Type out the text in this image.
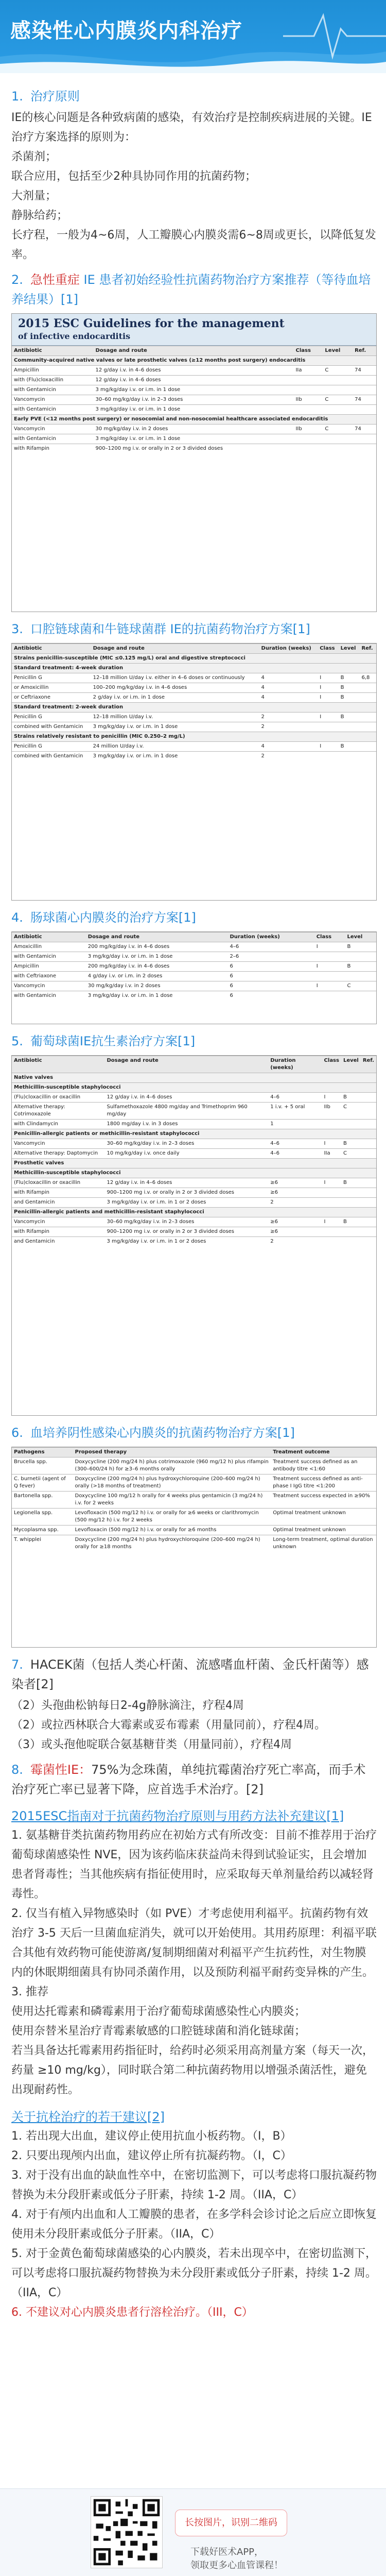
感染性心内膜炎内科治疗
1. 治疗原则

IE的核心问题是各种致病菌的感染，有效治疗是控制疾病进展的关键。IE治疗方案选择的原则为：

杀菌剂；

联合应用，包括至少2种具协同作用的抗菌药物；

大剂量；

静脉给药；

长疗程，一般为4~6周，人工瓣膜心内膜炎需6~8周或更长，以降低复发率。

2. 急性重症 IE 患者初始经验性抗菌药物治疗方案推荐（等待血培养结果）[1]
2015 ESC Guidelines for the management
of infective endocarditis
Antibiotic	Dosage and route	Class	Level	Ref.
Community-acquired native valves or late prosthetic valves (≥12 months post surgery) endocarditis				
Ampicillin	12 g/day i.v. in 4–6 doses	IIa	C	74
with (Flu)cloxacillin	12 g/day i.v. in 4–6 doses			
with Gentamicin	3 mg/kg/day i.v. or i.m. in 1 dose			
Vancomycin	30–60 mg/kg/day i.v. in 2–3 doses	IIb	C	74
with Gentamicin	3 mg/kg/day i.v. or i.m. in 1 dose			
Early PVE (<12 months post surgery) or nosocomial and non-nosocomial healthcare associated endocarditis				
Vancomycin	30 mg/kg/day i.v. in 2 doses	IIb	C	74
with Gentamicin	3 mg/kg/day i.v. or i.m. in 1 dose			
with Rifampin	900–1200 mg i.v. or orally in 2 or 3 divided doses			
3. 口腔链球菌和牛链球菌群 IE的抗菌药物治疗方案[1]
Antibiotic	Dosage and route	Duration (weeks)	Class	Level	Ref.
Strains penicillin-susceptible (MIC ≤0.125 mg/L) oral and digestive streptococci					
Standard treatment: 4-week duration					
Penicillin G	12–18 million U/day i.v. either in 4–6 doses or continuously	4	I	B	6,8
or Amoxicillin	100–200 mg/kg/day i.v. in 4–6 doses	4	I	B	
or Ceftriaxone	2 g/day i.v. or i.m. in 1 dose	4	I	B	
Standard treatment: 2-week duration					
Penicillin G	12–18 million U/day i.v.	2	I	B	
combined with Gentamicin	3 mg/kg/day i.v. or i.m. in 1 dose	2			
Strains relatively resistant to penicillin (MIC 0.250–2 mg/L)					
Penicillin G	24 million U/day i.v.	4	I	B	
combined with Gentamicin	3 mg/kg/day i.v. or i.m. in 1 dose	2			
4. 肠球菌心内膜炎的治疗方案[1]
Antibiotic	Dosage and route	Duration (weeks)	Class	Level
Amoxicillin	200 mg/kg/day i.v. in 4–6 doses	4–6	I	B
with Gentamicin	3 mg/kg/day i.v. or i.m. in 1 dose	2–6		
Ampicillin	200 mg/kg/day i.v. in 4–6 doses	6	I	B
with Ceftriaxone	4 g/day i.v. or i.m. in 2 doses	6		
Vancomycin	30 mg/kg/day i.v. in 2 doses	6	I	C
with Gentamicin	3 mg/kg/day i.v. or i.m. in 1 dose	6		
5. 葡萄球菌IE抗生素治疗方案[1]
Antibiotic	Dosage and route	Duration (weeks)	Class	Level	Ref.
Native valves					
Methicillin-susceptible staphylococci					
(Flu)cloxacillin or oxacillin	12 g/day i.v. in 4–6 doses	4–6	I	B	
Alternative therapy: Cotrimoxazole	Sulfamethoxazole 4800 mg/day and Trimethoprim 960 mg/day	1 i.v. + 5 oral	IIb	C	
with Clindamycin	1800 mg/day i.v. in 3 doses	1			
Penicillin-allergic patients or methicillin-resistant staphylococci					
Vancomycin	30–60 mg/kg/day i.v. in 2–3 doses	4–6	I	B	
Alternative therapy: Daptomycin	10 mg/kg/day i.v. once daily	4–6	IIa	C	
Prosthetic valves					
Methicillin-susceptible staphylococci					
(Flu)cloxacillin or oxacillin	12 g/day i.v. in 4–6 doses	≥6	I	B	
with Rifampin	900–1200 mg i.v. or orally in 2 or 3 divided doses	≥6			
and Gentamicin	3 mg/kg/day i.v. or i.m. in 1 or 2 doses	2			
Penicillin-allergic patients and methicillin-resistant staphylococci					
Vancomycin	30–60 mg/kg/day i.v. in 2–3 doses	≥6	I	B	
with Rifampin	900–1200 mg i.v. or orally in 2 or 3 divided doses	≥6			
and Gentamicin	3 mg/kg/day i.v. or i.m. in 1 or 2 doses	2			
6. 血培养阴性感染心内膜炎的抗菌药物治疗方案[1]
Pathogens	Proposed therapy	Treatment outcome
Brucella spp.	Doxycycline (200 mg/24 h) plus cotrimoxazole (960 mg/12 h) plus rifampin (300–600/24 h) for ≥3–6 months orally	Treatment success defined as an antibody titre <1:60
C. burnetii (agent of Q fever)	Doxycycline (200 mg/24 h) plus hydroxychloroquine (200–600 mg/24 h) orally (>18 months of treatment)	Treatment success defined as anti-phase I IgG titre <1:200
Bartonella spp.	Doxycycline 100 mg/12 h orally for 4 weeks plus gentamicin (3 mg/24 h) i.v. for 2 weeks	Treatment success expected in ≥90%
Legionella spp.	Levofloxacin (500 mg/12 h) i.v. or orally for ≥6 weeks or clarithromycin (500 mg/12 h) i.v. for 2 weeks	Optimal treatment unknown
Mycoplasma spp.	Levofloxacin (500 mg/12 h) i.v. or orally for ≥6 months	Optimal treatment unknown
T. whipplei	Doxycycline (200 mg/24 h) plus hydroxychloroquine (200–600 mg/24 h) orally for ≥18 months	Long-term treatment, optimal duration unknown
7. HACEK菌（包括人类心杆菌、流感嗜血杆菌、金氏杆菌等）感染者[2]

（2）头孢曲松钠每日2-4g静脉滴注，疗程4周

（2）或拉西林联合大霉素或妥布霉素（用量同前），疗程4周。

（3）或头孢他啶联合氨基糖苷类（用量同前），疗程4周

8. 霉菌性IE：75%为念珠菌，单纯抗霉菌治疗死亡率高，而手术治疗死亡率已显著下降，应首选手术治疗。[2]
2015ESC指南对于抗菌药物治疗原则与用药方法补充建议[1]

1. 氨基糖苷类抗菌药物用药应在初始方式有所改变：目前不推荐用于治疗葡萄球菌感染性 NVE，因为该药临床获益尚未得到试验证实，且会增加患者肾毒性；当其他疾病有指征使用时，应采取每天单剂量给药以减轻肾毒性。

2. 仅当有植入异物感染时（如 PVE）才考虑使用利福平。抗菌药物有效治疗 3-5 天后一旦菌血症消失，就可以开始使用。其用药原理：利福平联合其他有效药物可能使游离/复制期细菌对利福平产生抗药性，对生物膜内的休眠期细菌具有协同杀菌作用，以及预防利福平耐药变异株的产生。

3. 推荐

使用达托霉素和磷霉素用于治疗葡萄球菌感染性心内膜炎；

使用奈替米星治疗青霉素敏感的口腔链球菌和消化链球菌；

若当具备达托霉素用药指征时，给药时必须采用高剂量方案（每天一次，药量 ≥10 mg/kg），同时联合第二种抗菌药物用以增强杀菌活性，避免出现耐药性。

关于抗栓治疗的若干建议[2]

1. 若出现大出血，建议停止使用抗血小板药物。（I，B）

2. 只要出现颅内出血，建议停止所有抗凝药物。（I，C）

3. 对于没有出血的缺血性卒中，在密切监测下，可以考虑将口服抗凝药物替换为未分段肝素或低分子肝素，持续 1-2 周。（IIA，C）

4. 对于有颅内出血和人工瓣膜的患者，在多学科会诊讨论之后应立即恢复使用未分段肝素或低分子肝素。（IIA，C）

5. 对于金黄色葡萄球菌感染的心内膜炎，若未出现卒中，在密切监测下，可以考虑将口服抗凝药物替换为未分段肝素或低分子肝素，持续 1-2 周。（IIA，C）

6. 不建议对心内膜炎患者行溶栓治疗。（III，C）

长按图片，识别二维码
下载好医术APP，
领取更多心血管课程！
